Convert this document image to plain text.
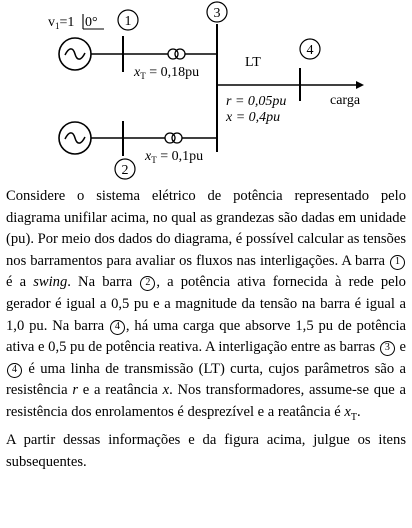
$v_1=1$ 0° 1
$x_T = 0,18pu$
3
4
LT
carga
r = 0,05pu
x = 0,4pu
2
$x_T = 0,1pu$

Considere o sistema elétrico de potência representado pelo diagrama unifilar acima, no qual as grandezas são dadas em unidade (pu). Por meio dos dados do diagrama, é possível calcular as tensões nos barramentos para avaliar os fluxos nas interligações. A barra 1 é a swing. Na barra 2 , a potência ativa fornecida à rede pelo gerador é igual a 0,5 pu e a magnitude da tensão na barra é igual a 1,0 pu. Na barra 4 , há uma carga que absorve 1,5 pu de potência ativa e 0,5 pu de potência reativa. A interligação entre as barras 3 e 4 é uma linha de transmissão (LT) curta, cujos parâmetros são a resistência r e a reatância x. Nos transformadores, assume-se que a resistência dos enrolamentos é desprezível e a reatância é $x_T$.

A partir dessas informações e da figura acima, julgue os itens subsequentes.
